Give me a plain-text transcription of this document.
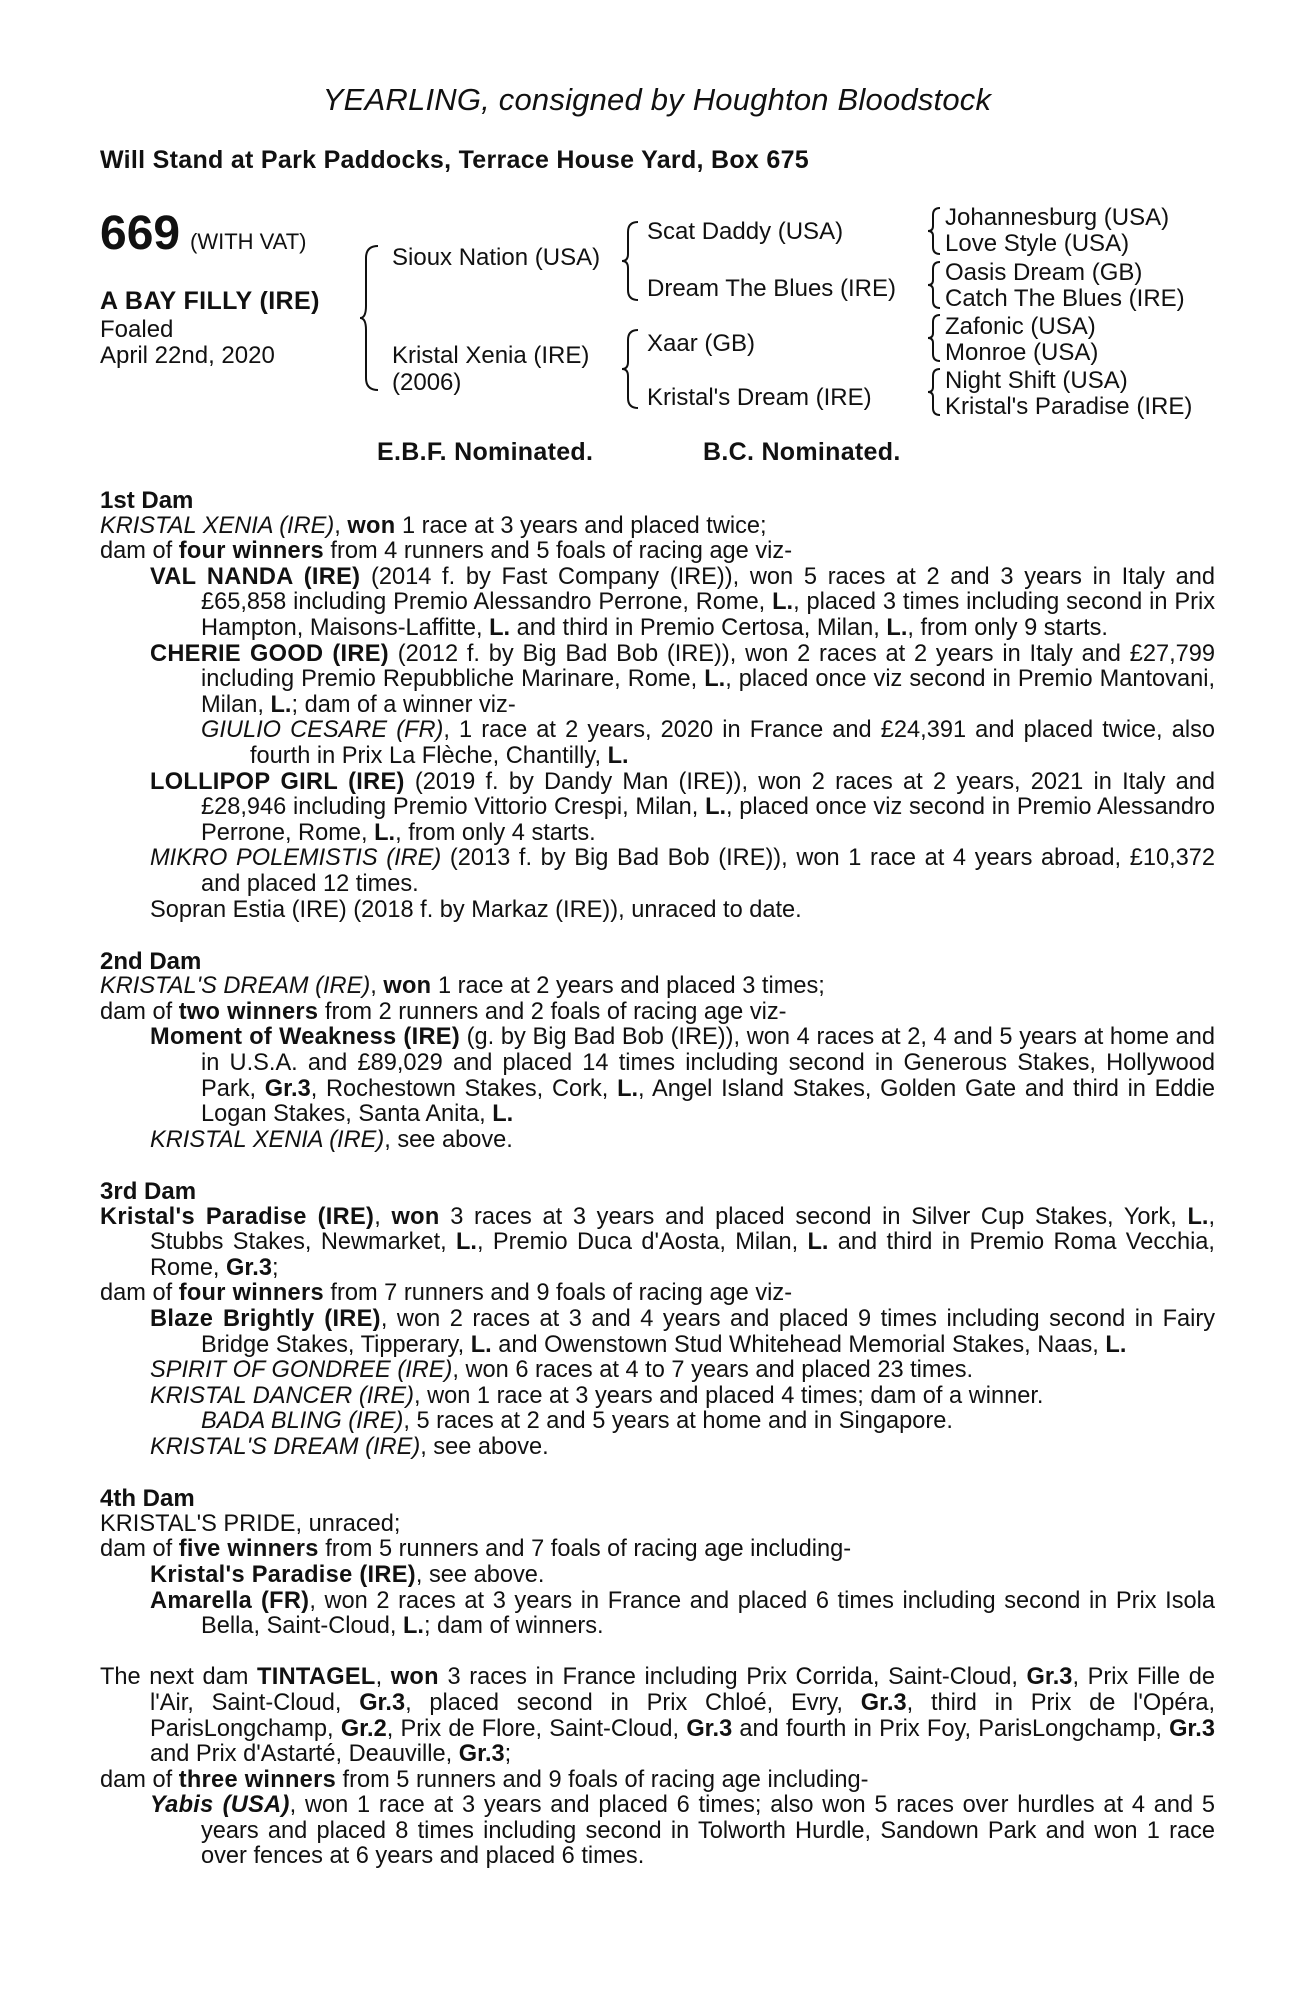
YEARLING, consigned by Houghton Bloodstock
Will Stand at Park Paddocks, Terrace House Yard, Box 675
669 (WITH VAT)
A BAY FILLY (IRE)
Foaled
April 22nd, 2020
Sioux Nation (USA)
Kristal Xenia (IRE)
(2006)
Scat Daddy (USA)
Dream The Blues (IRE)
Xaar (GB)
Kristal's Dream (IRE)
Johannesburg (USA)
Love Style (USA)
Oasis Dream (GB)
Catch The Blues (IRE)
Zafonic (USA)
Monroe (USA)
Night Shift (USA)
Kristal's Paradise (IRE)
E.B.F. Nominated.	B.C. Nominated.

1st Dam

KRISTAL XENIA (IRE), won 1 race at 3 years and placed twice;

dam of four winners from 4 runners and 5 foals of racing age viz-

VAL NANDA (IRE) (2014 f. by Fast Company (IRE)), won 5 races at 2 and 3 years in Italy and £65,858 including Premio Alessandro Perrone, Rome, L., placed 3 times including second in Prix Hampton, Maisons-Laffitte, L. and third in Premio Certosa, Milan, L., from only 9 starts.

CHERIE GOOD (IRE) (2012 f. by Big Bad Bob (IRE)), won 2 races at 2 years in Italy and £27,799 including Premio Repubbliche Marinare, Rome, L., placed once viz second in Premio Mantovani, Milan, L.; dam of a winner viz-

GIULIO CESARE (FR), 1 race at 2 years, 2020 in France and £24,391 and placed twice, also fourth in Prix La Flèche, Chantilly, L.

LOLLIPOP GIRL (IRE) (2019 f. by Dandy Man (IRE)), won 2 races at 2 years, 2021 in Italy and £28,946 including Premio Vittorio Crespi, Milan, L., placed once viz second in Premio Alessandro Perrone, Rome, L., from only 4 starts.

MIKRO POLEMISTIS (IRE) (2013 f. by Big Bad Bob (IRE)), won 1 race at 4 years abroad, £10,372 and placed 12 times.

Sopran Estia (IRE) (2018 f. by Markaz (IRE)), unraced to date.

2nd Dam

KRISTAL'S DREAM (IRE), won 1 race at 2 years and placed 3 times;

dam of two winners from 2 runners and 2 foals of racing age viz-

Moment of Weakness (IRE) (g. by Big Bad Bob (IRE)), won 4 races at 2, 4 and 5 years at home and in U.S.A. and £89,029 and placed 14 times including second in Generous Stakes, Hollywood Park, Gr.3, Rochestown Stakes, Cork, L., Angel Island Stakes, Golden Gate and third in Eddie Logan Stakes, Santa Anita, L.

KRISTAL XENIA (IRE), see above.

3rd Dam

Kristal's Paradise (IRE), won 3 races at 3 years and placed second in Silver Cup Stakes, York, L., Stubbs Stakes, Newmarket, L., Premio Duca d'Aosta, Milan, L. and third in Premio Roma Vecchia, Rome, Gr.3;

dam of four winners from 7 runners and 9 foals of racing age viz-

Blaze Brightly (IRE), won 2 races at 3 and 4 years and placed 9 times including second in Fairy Bridge Stakes, Tipperary, L. and Owenstown Stud Whitehead Memorial Stakes, Naas, L.

SPIRIT OF GONDREE (IRE), won 6 races at 4 to 7 years and placed 23 times.

KRISTAL DANCER (IRE), won 1 race at 3 years and placed 4 times; dam of a winner.

BADA BLING (IRE), 5 races at 2 and 5 years at home and in Singapore.

KRISTAL'S DREAM (IRE), see above.

4th Dam

KRISTAL'S PRIDE, unraced;

dam of five winners from 5 runners and 7 foals of racing age including-

Kristal's Paradise (IRE), see above.

Amarella (FR), won 2 races at 3 years in France and placed 6 times including second in Prix Isola Bella, Saint-Cloud, L.; dam of winners.

The next dam TINTAGEL, won 3 races in France including Prix Corrida, Saint-Cloud, Gr.3, Prix Fille de l'Air, Saint-Cloud, Gr.3, placed second in Prix Chloé, Evry, Gr.3, third in Prix de l'Opéra, ParisLongchamp, Gr.2, Prix de Flore, Saint-Cloud, Gr.3 and fourth in Prix Foy, ParisLongchamp, Gr.3 and Prix d'Astarté, Deauville, Gr.3;

dam of three winners from 5 runners and 9 foals of racing age including-

Yabis (USA), won 1 race at 3 years and placed 6 times; also won 5 races over hurdles at 4 and 5 years and placed 8 times including second in Tolworth Hurdle, Sandown Park and won 1 race over fences at 6 years and placed 6 times.
